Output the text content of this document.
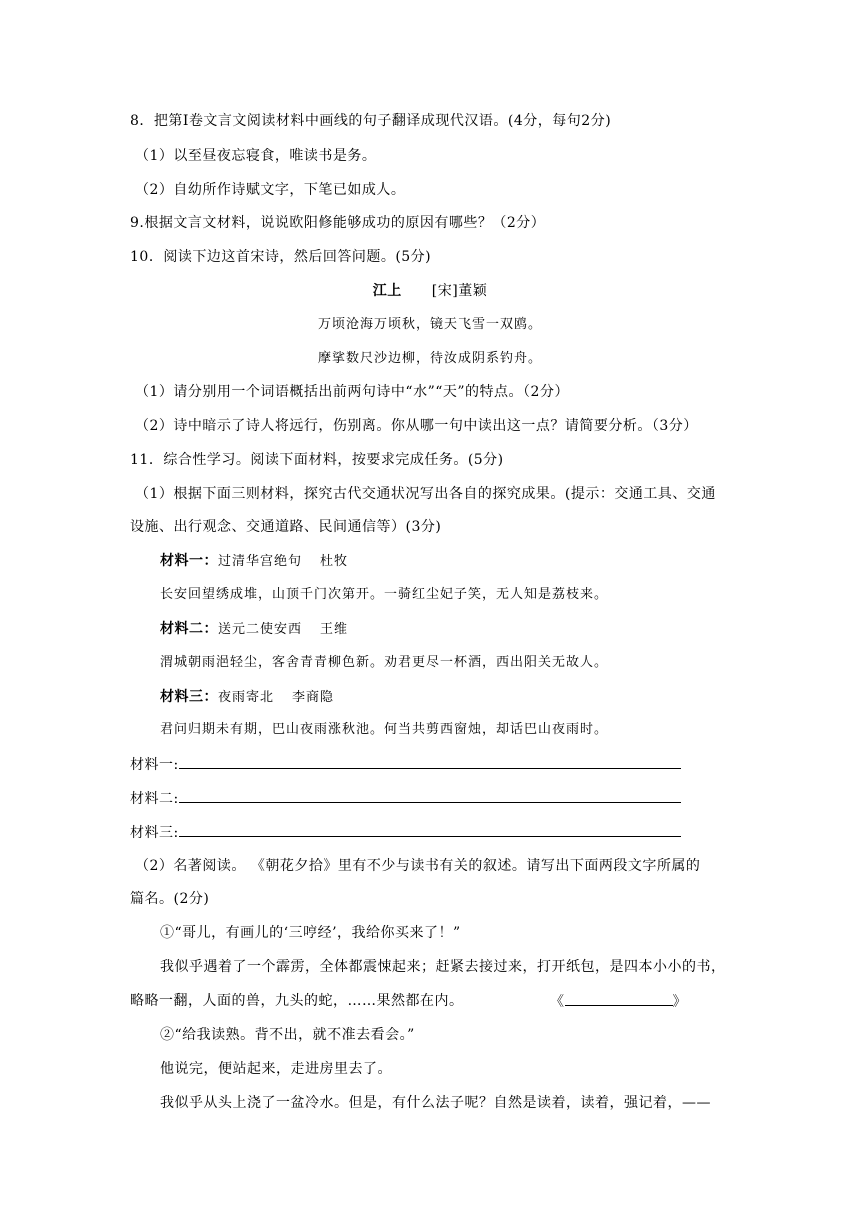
8．把第Ⅰ卷文言文阅读材料中画线的句子翻译成现代汉语。(4分，每句2分)
（1）以至昼夜忘寝食，唯读书是务。
（2）自幼所作诗赋文字，下笔已如成人。
9.根据文言文材料，说说欧阳修能够成功的原因有哪些？（2分）
10．阅读下边这首宋诗，然后回答问题。(5分)
江上 [宋]董颖
万顷沧海万顷秋，镜天飞雪一双鸥。
摩挲数尺沙边柳，待汝成阴系钓舟。
（1）请分别用一个词语概括出前两句诗中“水”“天”的特点。（2分）
（2）诗中暗示了诗人将远行，伤别离。你从哪一句中读出这一点？请简要分析。（3分）
11．综合性学习。阅读下面材料，按要求完成任务。(5分)
（1）根据下面三则材料，探究古代交通状况写出各自的探究成果。(提示：交通工具、交通
设施、出行观念、交通道路、民间通信等）(3分)
材料一：过清华宫绝句 杜牧
长安回望绣成堆，山顶千门次第开。一骑红尘妃子笑，无人知是荔枝来。
材料二：送元二使安西 王维
渭城朝雨浥轻尘，客舍青青柳色新。劝君更尽一杯酒，西出阳关无故人。
材料三：夜雨寄北 李商隐
君问归期未有期，巴山夜雨涨秋池。何当共剪西窗烛，却话巴山夜雨时。
材料一:
材料二:
材料三:
（2）名著阅读。 《朝花夕拾》里有不少与读书有关的叙述。请写出下面两段文字所属的
篇名。(2分)
①“哥儿，有画儿的‘三哼经’，我给你买来了！”
我似乎遇着了一个霹雳，全体都震悚起来；赶紧去接过来，打开纸包，是四本小小的书，
略略一翻，人面的兽，九头的蛇，……果然都在内。	《	》
②“给我读熟。背不出，就不准去看会。”
他说完，便站起来，走进房里去了。
我似乎从头上浇了一盆冷水。但是，有什么法子呢？自然是读着，读着，强记着，——
